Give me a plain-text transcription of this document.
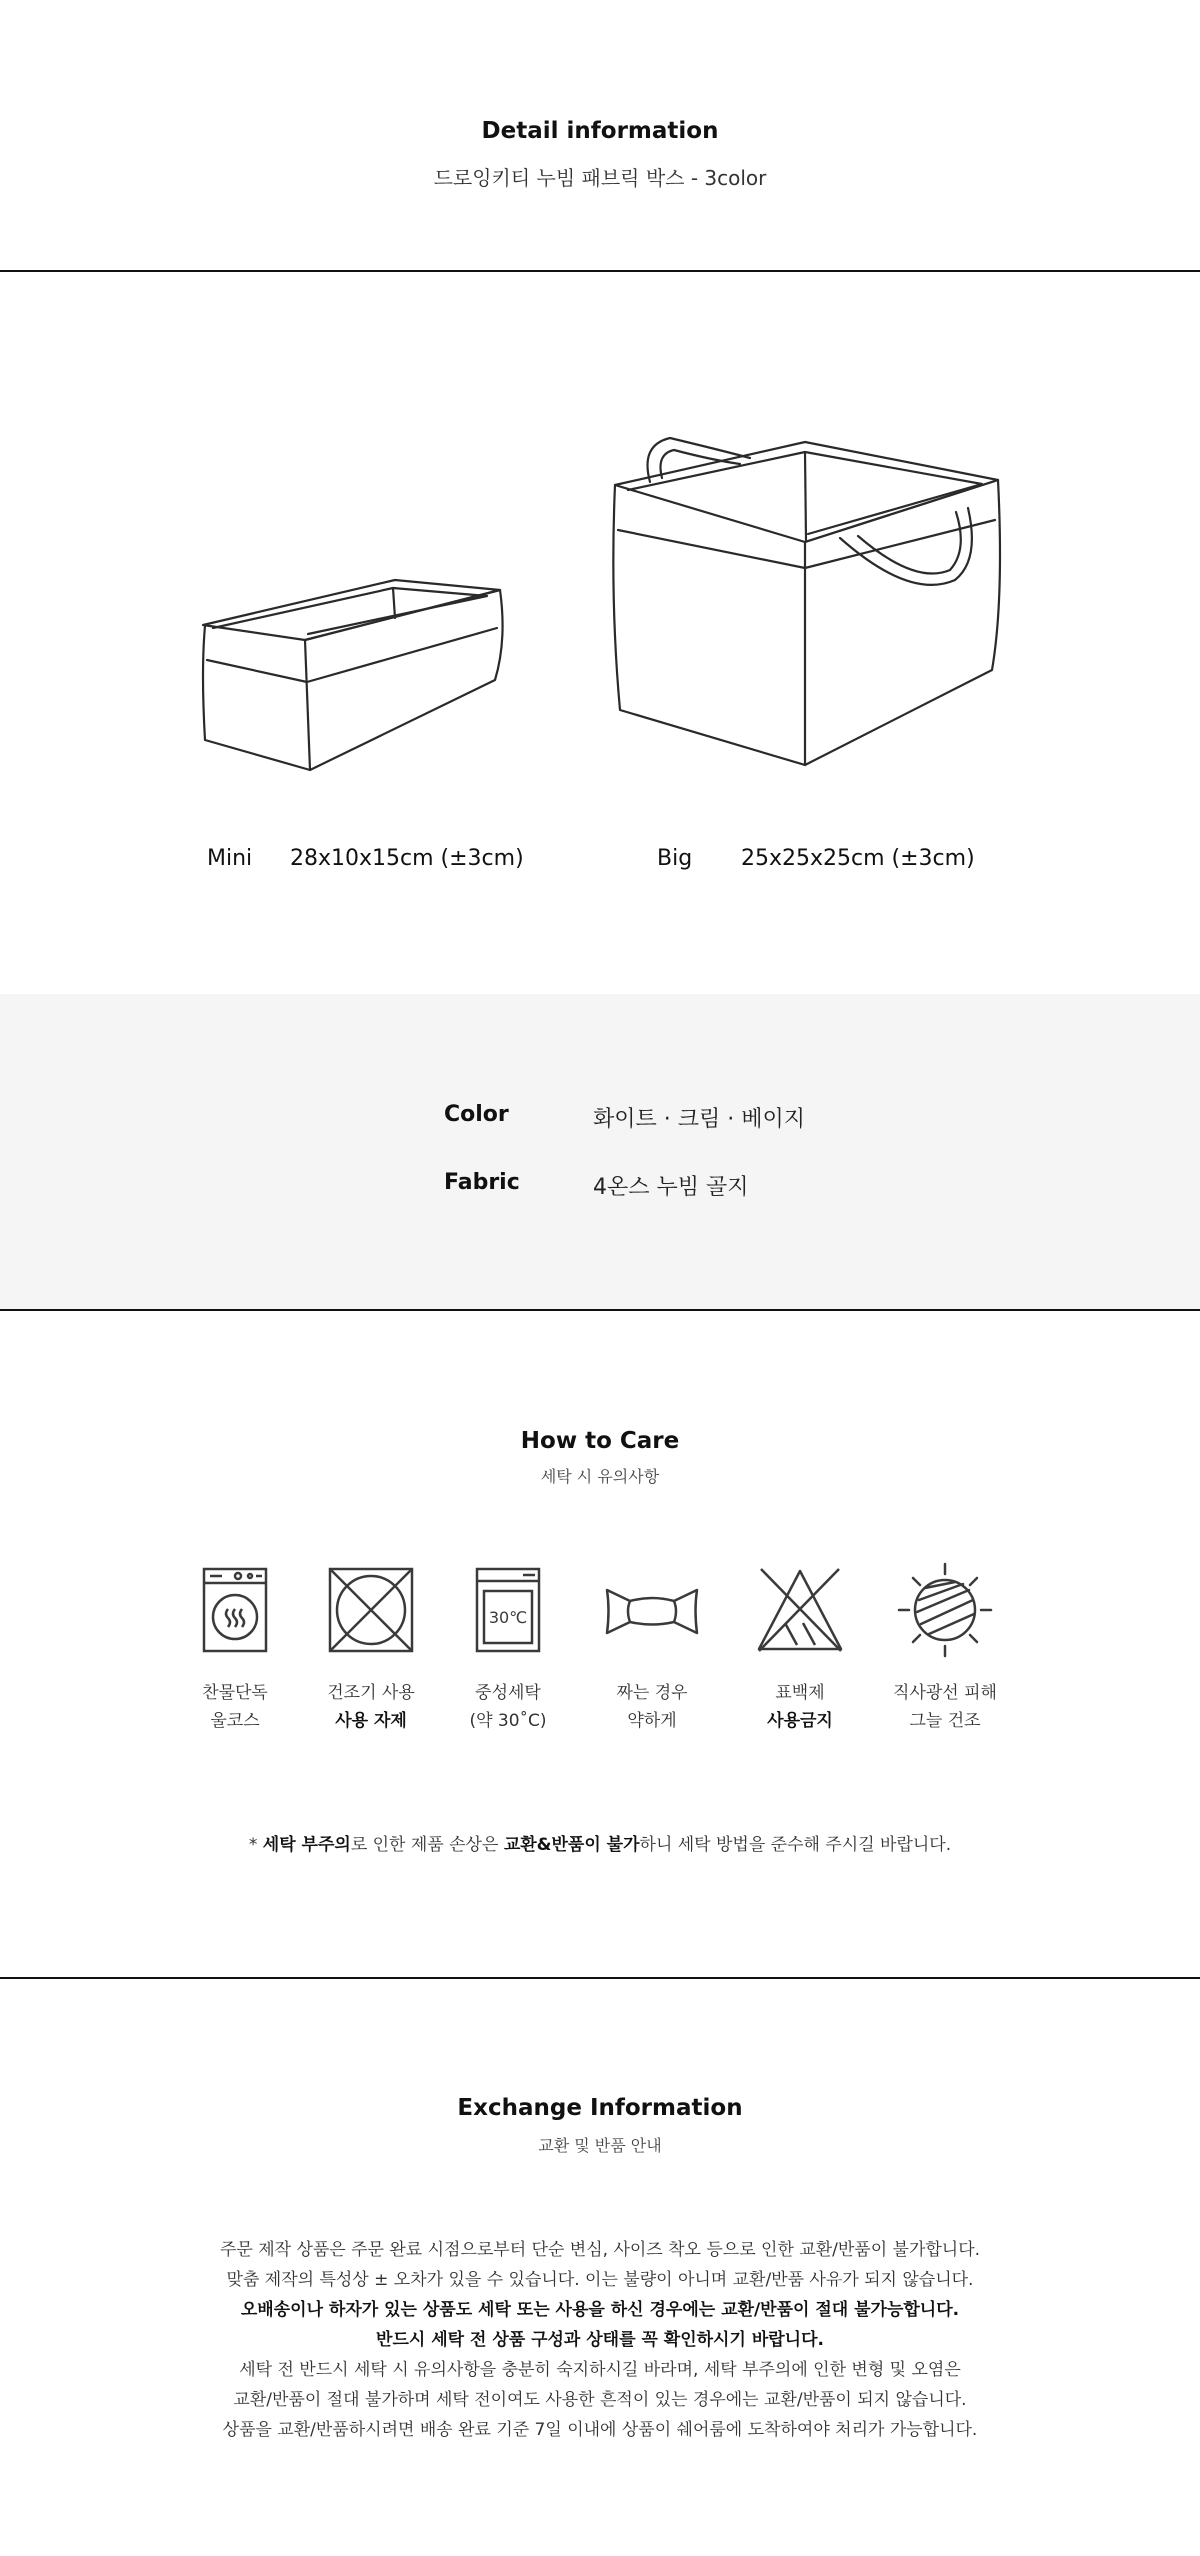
Detail information
드로잉키티 누빔 패브릭 박스 - 3color
Mini 28x10x15cm (±3cm)	Big 25x25x25cm (±3cm)
Color	화이트 · 크림 · 베이지
Fabric	4온스 누빔 골지
How to Care
세탁 시 유의사항
찬물단독
울코스
건조기 사용
사용 자제
30℃
중성세탁
(약 30˚C)
짜는 경우
약하게
표백제
사용금지
직사광선 피해
그늘 건조
* 세탁 부주의로 인한 제품 손상은 교환&반품이 불가하니 세탁 방법을 준수해 주시길 바랍니다.
Exchange Information
교환 및 반품 안내
주문 제작 상품은 주문 완료 시점으로부터 단순 변심, 사이즈 착오 등으로 인한 교환/반품이 불가합니다.
맞춤 제작의 특성상 ± 오차가 있을 수 있습니다. 이는 불량이 아니며 교환/반품 사유가 되지 않습니다.
오배송이나 하자가 있는 상품도 세탁 또는 사용을 하신 경우에는 교환/반품이 절대 불가능합니다.
반드시 세탁 전 상품 구성과 상태를 꼭 확인하시기 바랍니다.
세탁 전 반드시 세탁 시 유의사항을 충분히 숙지하시길 바라며, 세탁 부주의에 인한 변형 및 오염은
교환/반품이 절대 불가하며 세탁 전이여도 사용한 흔적이 있는 경우에는 교환/반품이 되지 않습니다.
상품을 교환/반품하시려면 배송 완료 기준 7일 이내에 상품이 쉐어룸에 도착하여야 처리가 가능합니다.
